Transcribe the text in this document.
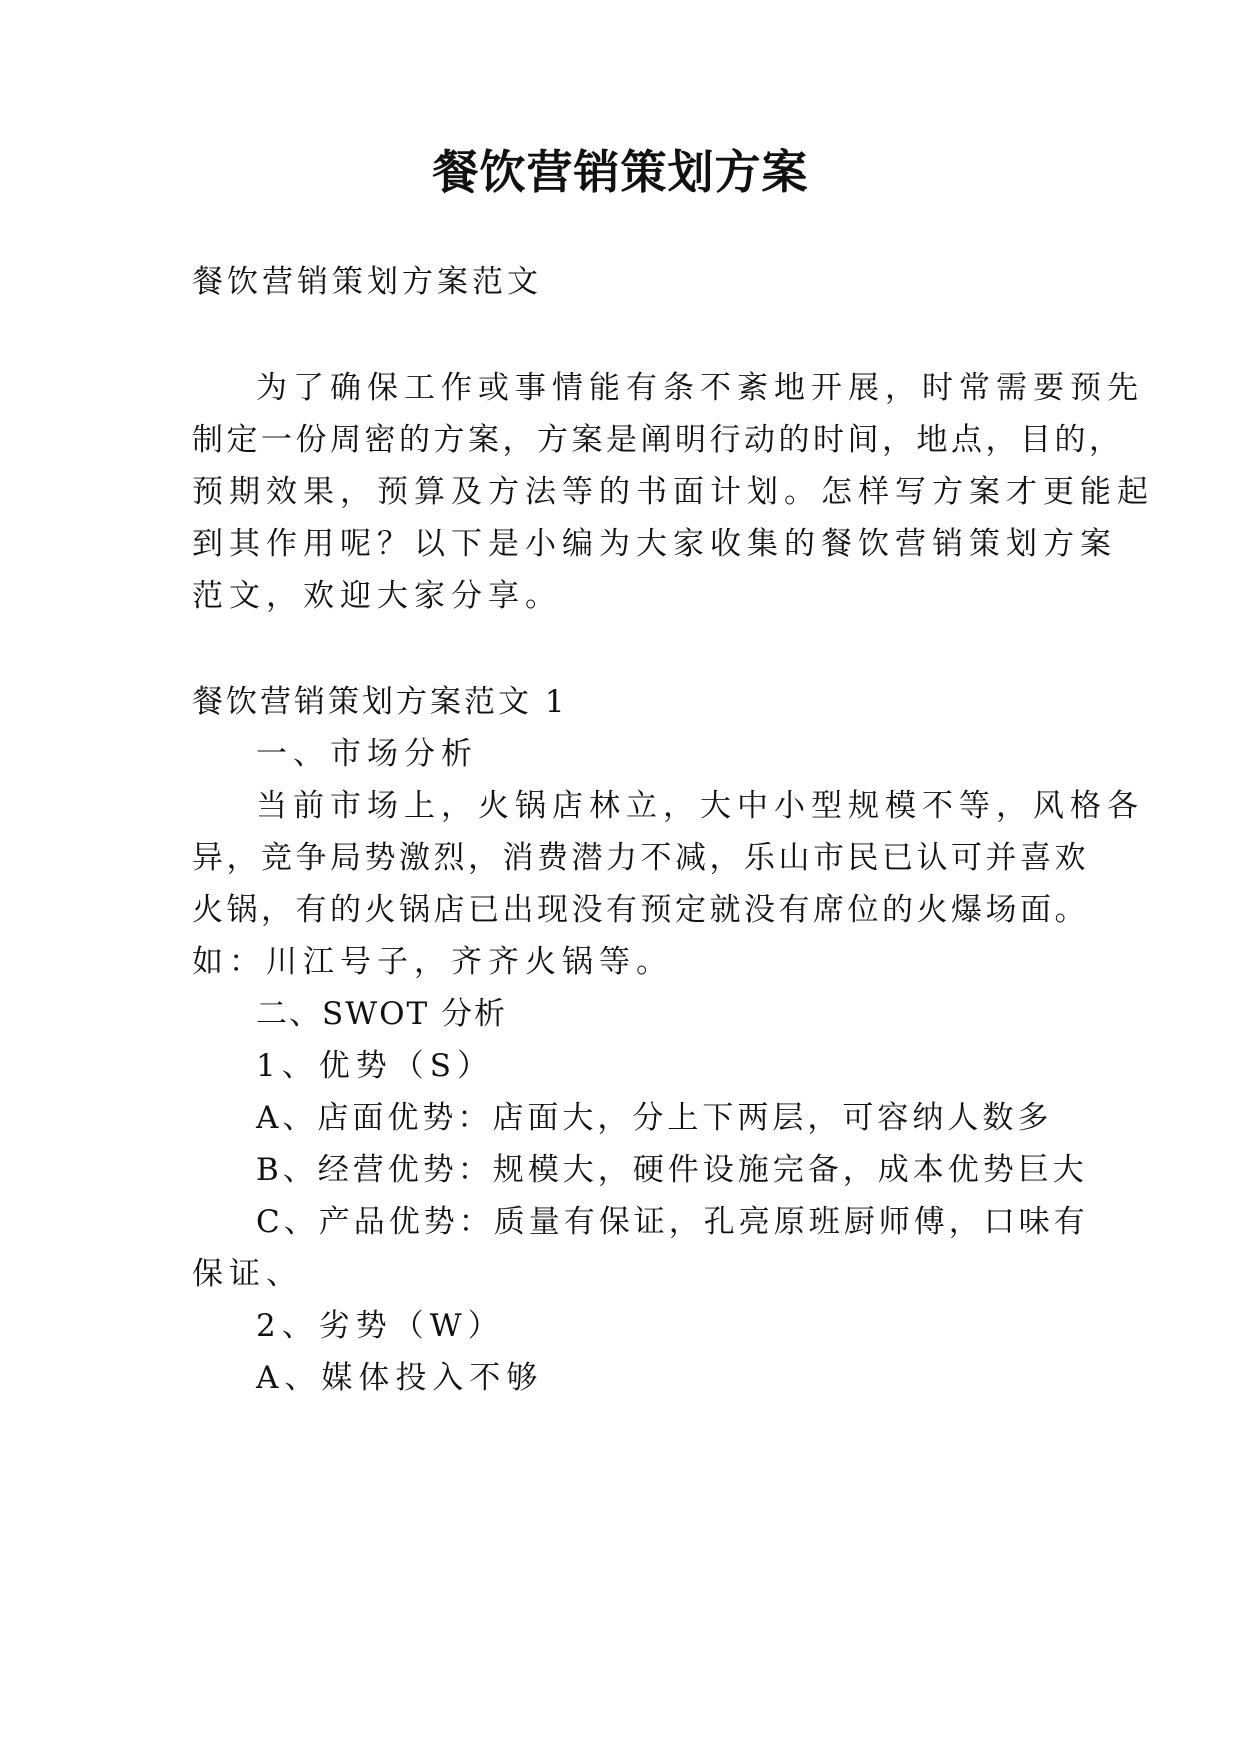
餐饮营销策划方案
餐饮营销策划方案范文
为了确保工作或事情能有条不紊地开展，时常需要预先
制定一份周密的方案，方案是阐明行动的时间，地点，目的，
预期效果，预算及方法等的书面计划。怎样写方案才更能起
到其作用呢？以下是小编为大家收集的餐饮营销策划方案
范文，欢迎大家分享。
餐饮营销策划方案范文 1
一、市场分析
当前市场上，火锅店林立，大中小型规模不等，风格各
异，竞争局势激烈，消费潜力不减，乐山市民已认可并喜欢
火锅，有的火锅店已出现没有预定就没有席位的火爆场面。
如：川江号子，齐齐火锅等。
二、SWOT 分析
1、优势（S）
A、店面优势：店面大，分上下两层，可容纳人数多
B、经营优势：规模大，硬件设施完备，成本优势巨大
C、产品优势：质量有保证，孔亮原班厨师傅，口味有
保证、
2、劣势（W）
A、媒体投入不够
